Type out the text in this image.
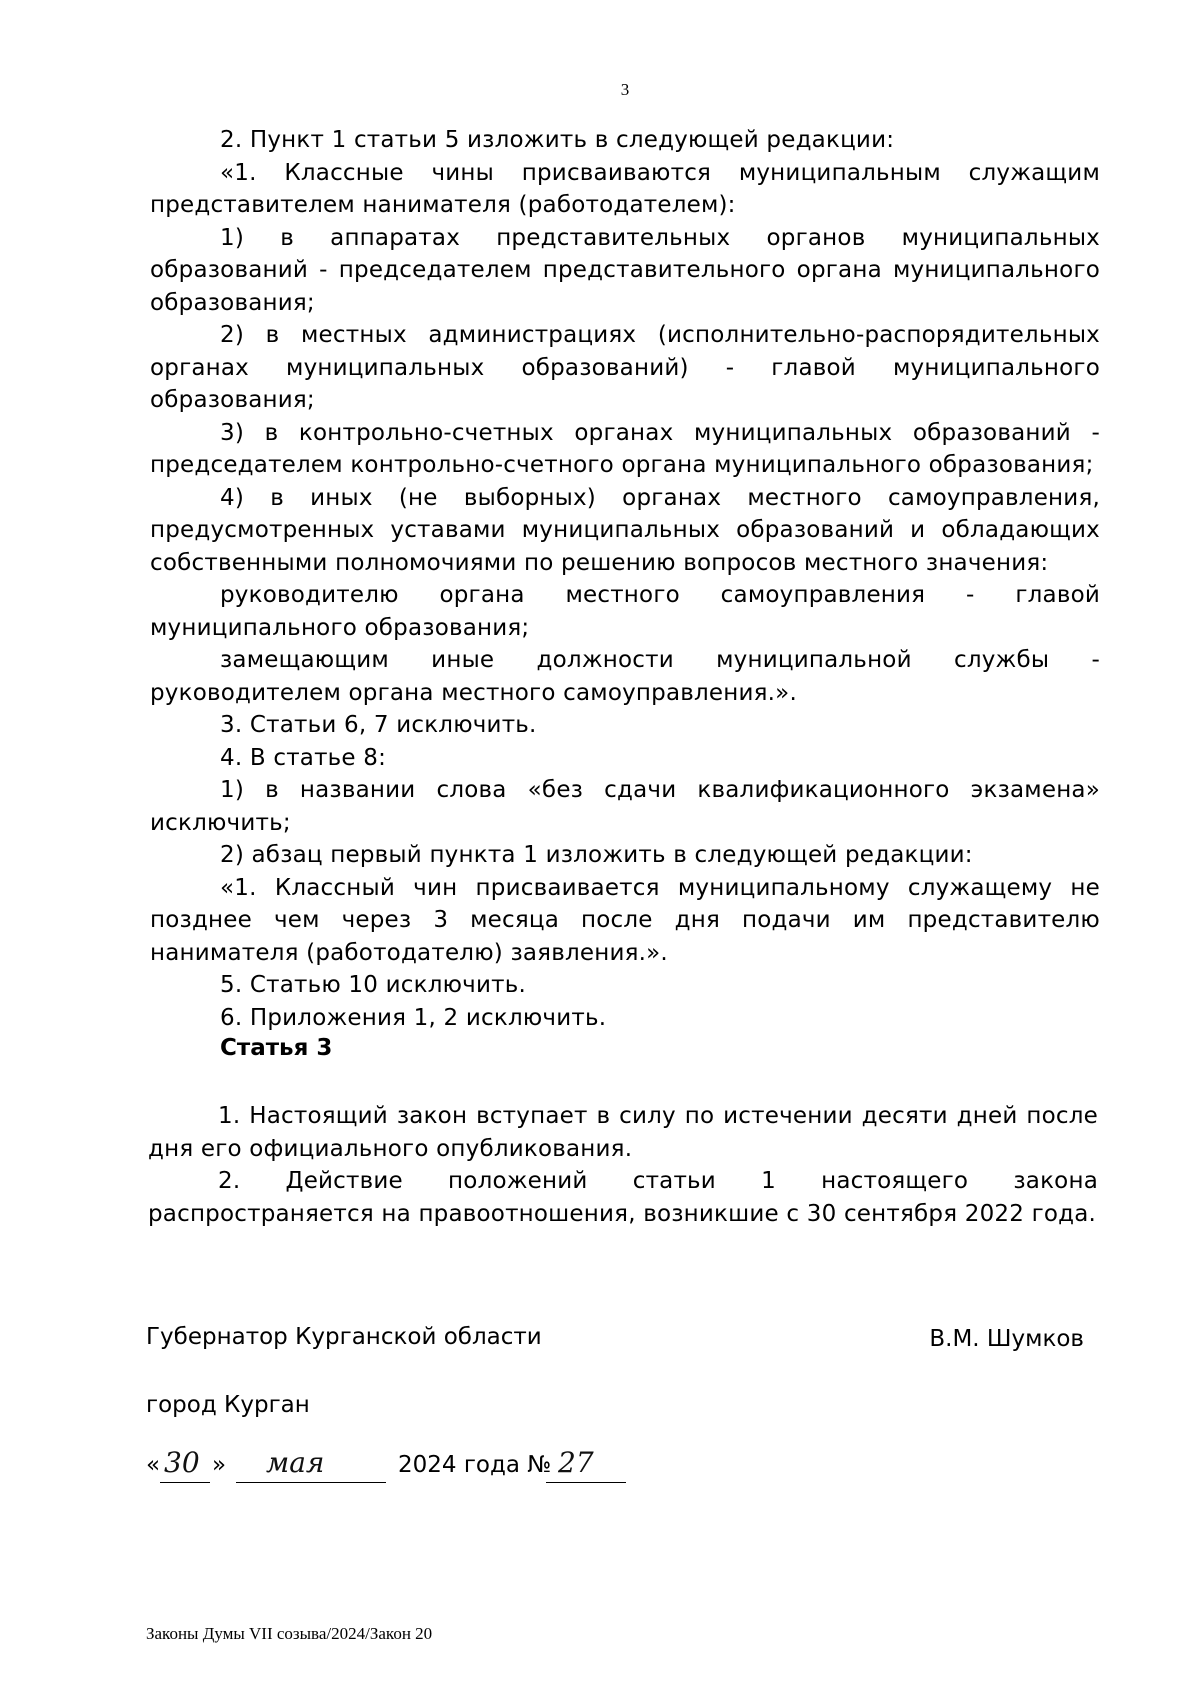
3

2. Пункт 1 статьи 5 изложить в следующей редакции:

«1. Классные чины присваиваются муниципальным служащим представителем нанимателя (работодателем):

1) в аппаратах представительных органов муниципальных образований - председателем представительного органа муниципального образования;

2) в местных администрациях (исполнительно-распорядительных органах муниципальных образований) - главой муниципального образования;

3) в контрольно-счетных органах муниципальных образований - председателем контрольно-счетного органа муниципального образования;

4) в иных (не выборных) органах местного самоуправления, предусмотренных уставами муниципальных образований и обладающих собственными полномочиями по решению вопросов местного значения:

руководителю органа местного самоуправления - главой муниципального образования;

замещающим иные должности муниципальной службы - руководителем органа местного самоуправления.».

3. Статьи 6, 7 исключить.

4. В статье 8:

1) в названии слова «без сдачи квалификационного экзамена» исключить;

2) абзац первый пункта 1 изложить в следующей редакции:

«1. Классный чин присваивается муниципальному служащему не позднее чем через 3 месяца после дня подачи им представителю нанимателя (работодателю) заявления.».

5. Статью 10 исключить.

6. Приложения 1, 2 исключить.

Статья 3

1. Настоящий закон вступает в силу по истечении десяти дней после дня его официального опубликования.

2. Действие положений статьи 1 настоящего закона распространяется на правоотношения, возникшие с 30 сентября 2022 года.

Губернатор Курганской области	В.М. Шумков
город Курган
« 30 » мая	2024 года № 27
Законы Думы VII созыва/2024/Закон 20
